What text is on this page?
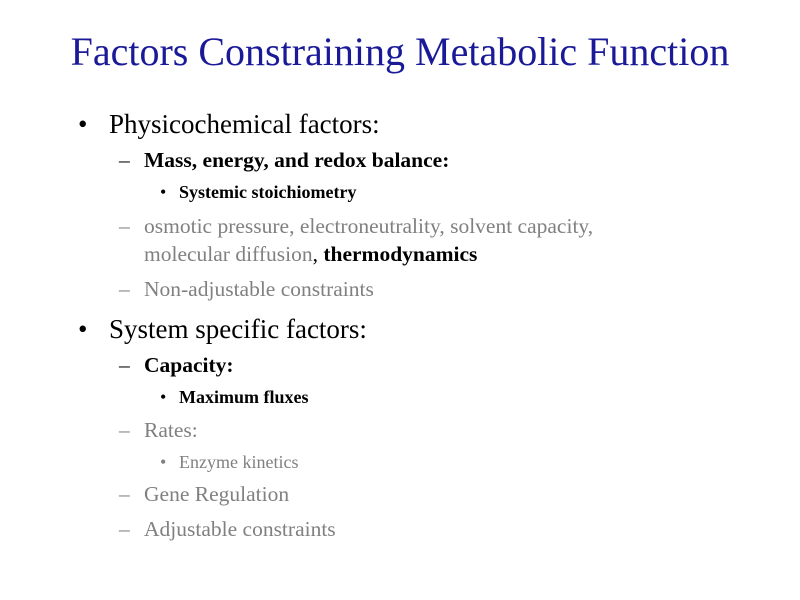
Factors Constraining Metabolic Function
• Physicochemical factors:
– Mass, energy, and redox balance:
• Systemic stoichiometry
– osmotic pressure, electroneutrality, solvent capacity,
molecular diffusion, thermodynamics
– Non-adjustable constraints
• System specific factors:
– Capacity:
• Maximum fluxes
– Rates:
• Enzyme kinetics
– Gene Regulation
– Adjustable constraints
